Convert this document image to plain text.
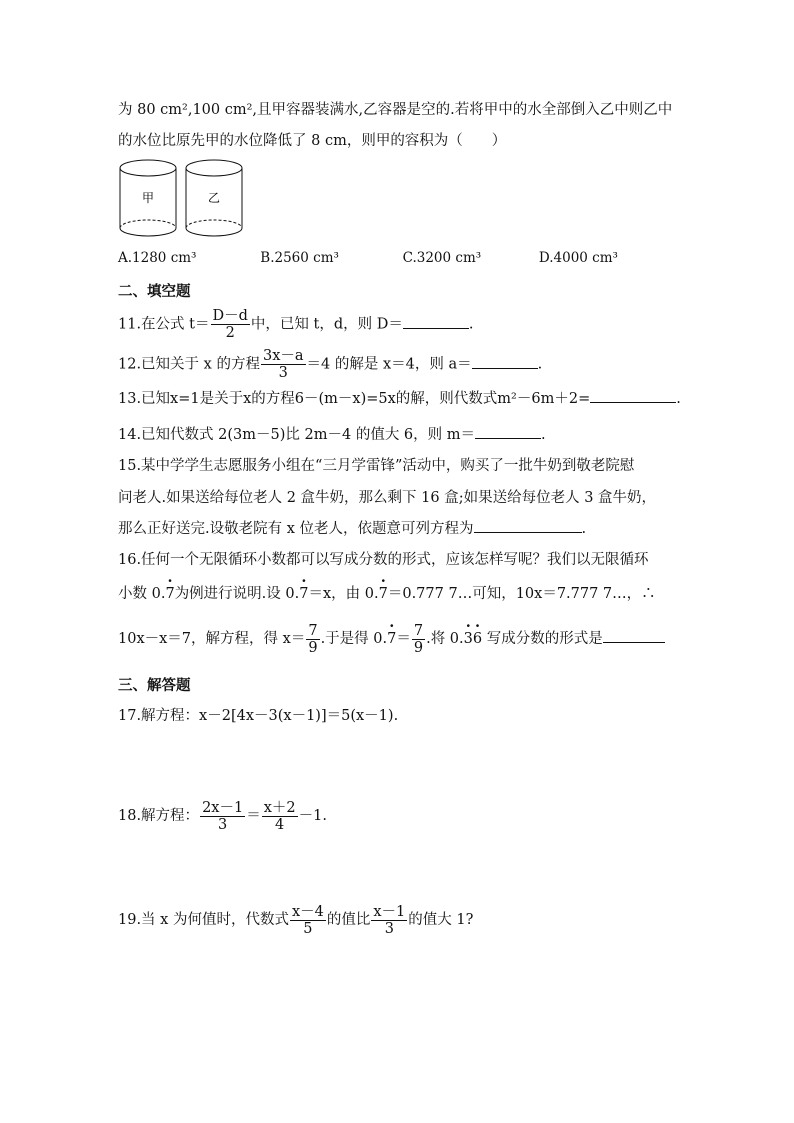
为 80 cm²,100 cm²,且甲容器装满水,乙容器是空的.若将甲中的水全部倒入乙中则乙中
的水位比原先甲的水位降低了 8 cm，则甲的容积为（　　）
甲	乙
A.1280 cm³	B.2560 cm³	C.3200 cm³	D.4000 cm³
二、填空题
11.在公式 $t= \frac{D-d}{2}$ 中，已知 t，d，则 D＝	.
12.已知关于 x 的方程 $\frac{3x-a}{3} =4$ 的解是 x＝4，则 a＝	.
13.已知x=1是关于x的方程6－(m－x)=5x的解，则代数式m²－6m＋2=	.
14.已知代数式 2(3m－5)比 2m－4 的值大 6，则 m＝	.
15.某中学学生志愿服务小组在“三月学雷锋”活动中，购买了一批牛奶到敬老院慰
问老人.如果送给每位老人 2 盒牛奶，那么剩下 16 盒;如果送给每位老人 3 盒牛奶，
那么正好送完.设敬老院有 x 位老人，依题意可列方程为	.
16.任何一个无限循环小数都可以写成分数的形式，应该怎样写呢？我们以无限循环
小数 0.· 7为例进行说明.设 0.· 7＝x，由 0.· 7＝0.777 7…可知，10x＝7.777 7…，∴
10x－x＝7，解方程，得 $x= \frac{7}{9}$ .于是得 $0.\cdot 7= \frac{7}{9}$ .将 0.· 3· 6 写成分数的形式是
三、解答题
17.解方程：x－2[4x－3(x－1)]＝5(x－1).
18.解方程： $\frac{2x-1}{3} = \frac{x+2}{4} -1$.
19.当 x 为何值时，代数式 $\frac{x-4}{5}$ 的值比 $\frac{x-1}{3}$ 的值大 1?
